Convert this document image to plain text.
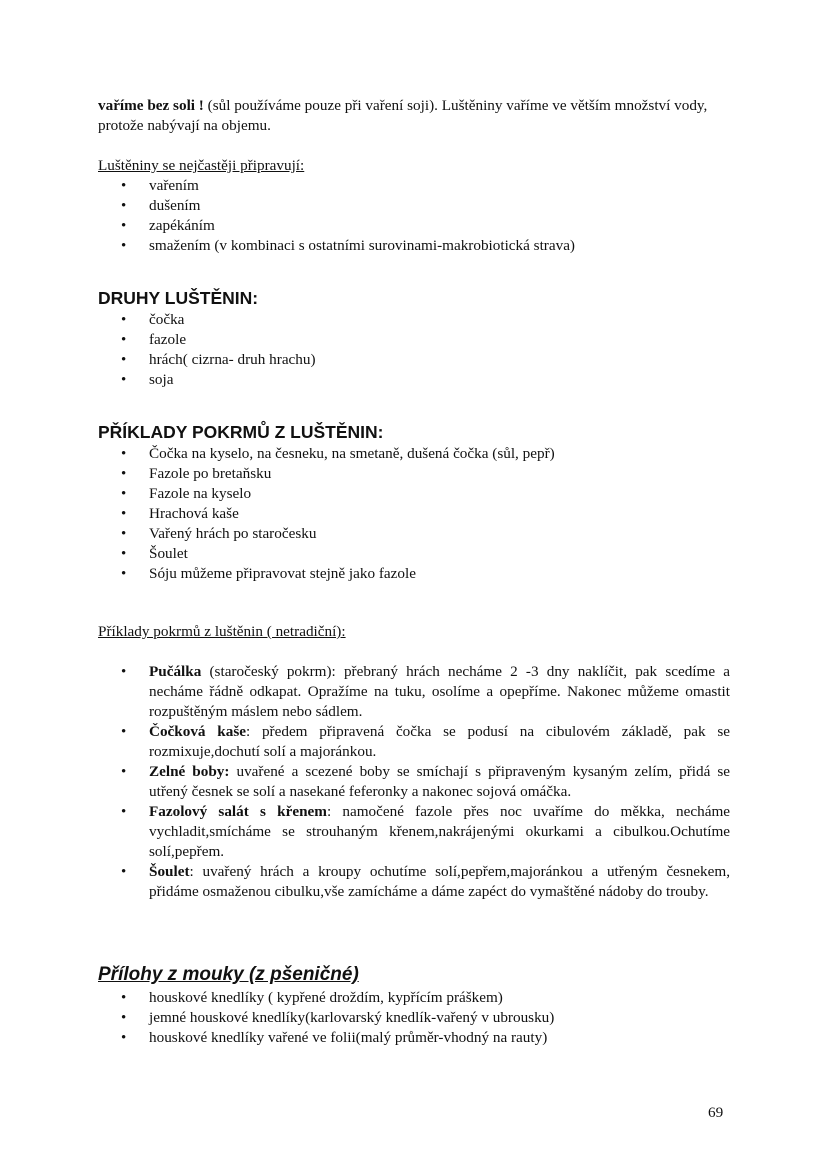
vaříme bez soli ! (sůl používáme pouze při vaření soji). Luštěniny vaříme ve větším množství vody, protože nabývají na objemu.

Luštěniny se nejčastěji připravují:

• vařením
• dušením
• zapékáním
• smažením (v kombinaci s ostatními surovinami-makrobiotická strava)

DRUHY LUŠTĚNIN:

• čočka
• fazole
• hrách( cizrna- druh hrachu)
• soja

PŘÍKLADY POKRMŮ Z LUŠTĚNIN:

• Čočka na kyselo, na česneku, na smetaně, dušená čočka (sůl, pepř)
• Fazole po bretaňsku
• Fazole na kyselo
• Hrachová kaše
• Vařený hrách po staročesku
• Šoulet
• Sóju můžeme připravovat stejně jako fazole

Příklady pokrmů z luštěnin ( netradiční):

• Pučálka (staročeský pokrm): přebraný hrách necháme 2 -3 dny naklíčit, pak scedíme a necháme řádně odkapat. Opražíme na tuku, osolíme a opepříme. Nakonec můžeme omastit rozpuštěným máslem nebo sádlem.
• Čočková kaše: předem připravená čočka se podusí na cibulovém základě, pak se rozmixuje,dochutí solí a majoránkou.
• Zelné boby: uvařené a scezené boby se smíchají s připraveným kysaným zelím, přidá se utřený česnek se solí a nasekané feferonky a nakonec sojová omáčka.
• Fazolový salát s křenem: namočené fazole přes noc uvaříme do měkka, necháme vychladit,smícháme se strouhaným křenem,nakrájenými okurkami a cibulkou.Ochutíme solí,pepřem.
• Šoulet: uvařený hrách a kroupy ochutíme solí,pepřem,majoránkou a utřeným česnekem, přidáme osmaženou cibulku,vše zamícháme a dáme zapéct do vymaštěné nádoby do trouby.

Přílohy z mouky (z pšeničné)

• houskové knedlíky ( kypřené droždím, kypřícím práškem)
• jemné houskové knedlíky(karlovarský knedlík-vařený v ubrousku)
• houskové knedlíky vařené ve folii(malý průměr-vhodný na rauty)
69
